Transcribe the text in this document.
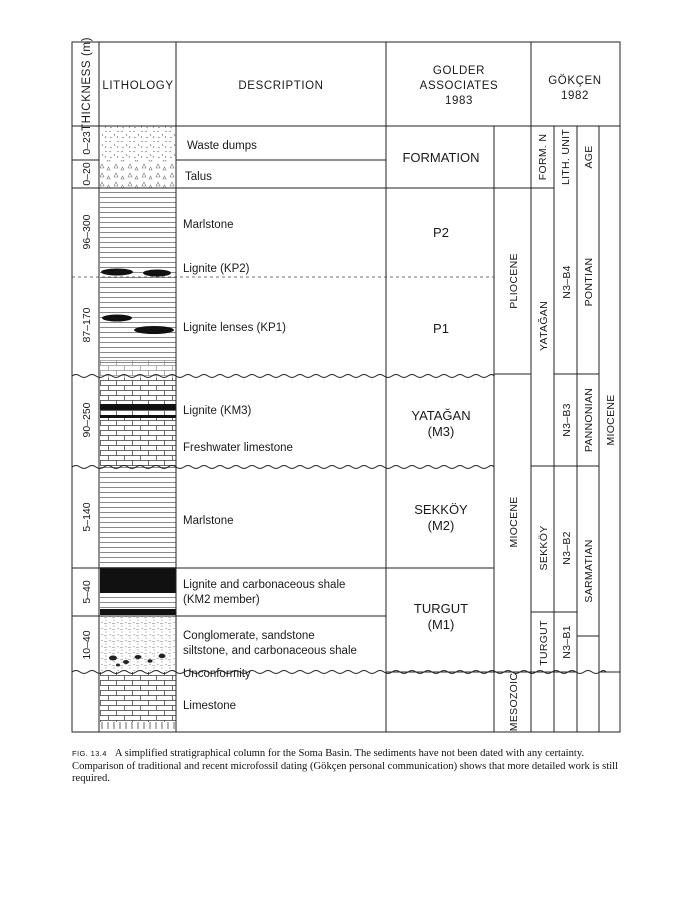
THICKNESS (m) LITHOLOGY	DESCRIPTION
GOLDER
ASSOCIATES
1983
GÖKÇEN
1982
0–23
0–20
96–300
87–170
90–250
5–140
5–40
10–40
Waste dumps
Talus
Marlstone
Lignite (KP2)
Lignite lenses (KP1)
Lignite (KM3)
Freshwater limestone
Marlstone
Lignite and carbonaceous shale
(KM2 member)
Conglomerate, sandstone
siltstone, and carbonaceous shale
Unconformity
Limestone
FORMATION
P2
P1
YATAĞAN
(M3)
SEKKÖY
(M2)
TURGUT
(M1)
PLIOCENE
MIOCENE
MESOZOIC
FORM. N LITH. UNIT AGE
YATAĞAN
SEKKÖY
TURGUT
N3–B4
N3–B3
N3–B2
N3–B1
PONTIAN
PANNONIAN
SARMATIAN
MIOCENE
FIG. 13.4 A simplified stratigraphical column for the Soma Basin. The sediments have not been dated with any certainty. Comparison of traditional and recent microfossil dating (Gökçen personal communication) shows that more detailed work is still required.
